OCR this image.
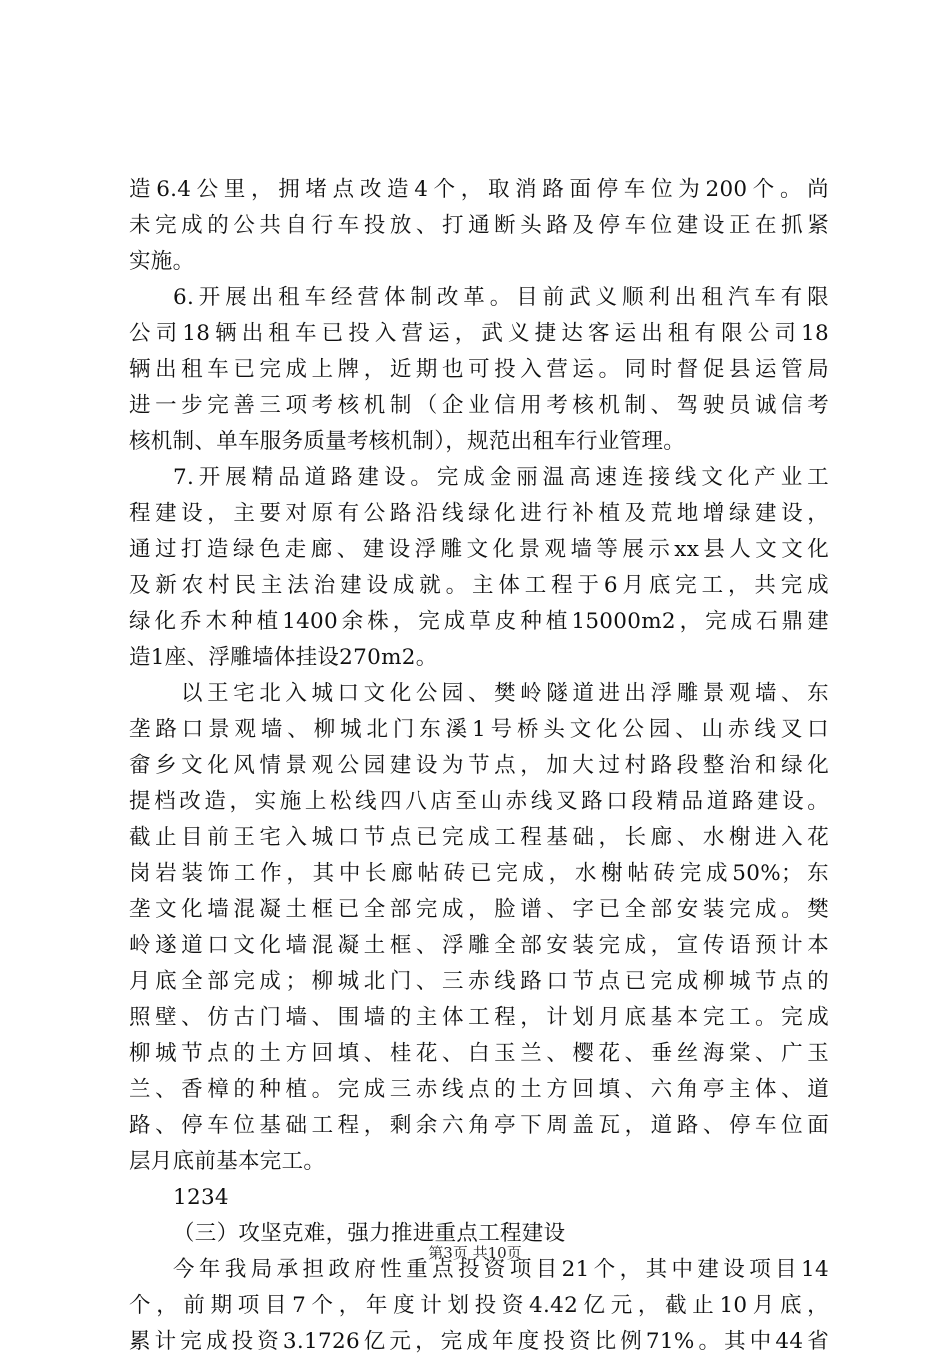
造6.4公里，拥堵点改造4个，取消路面停车位为200个。尚
未完成的公共自行车投放、打通断头路及停车位建设正在抓紧
实施。
6.开展出租车经营体制改革。目前武义顺利出租汽车有限
公司18辆出租车已投入营运，武义捷达客运出租有限公司18
辆出租车已完成上牌，近期也可投入营运。同时督促县运管局
进一步完善三项考核机制（企业信用考核机制、驾驶员诚信考
核机制、单车服务质量考核机制），规范出租车行业管理。
7.开展精品道路建设。完成金丽温高速连接线文化产业工
程建设，主要对原有公路沿线绿化进行补植及荒地增绿建设，
通过打造绿色走廊、建设浮雕文化景观墙等展示xx县人文文化
及新农村民主法治建设成就。主体工程于6月底完工，共完成
绿化乔木种植1400余株，完成草皮种植15000m2，完成石鼎建
造1座、浮雕墙体挂设270m2。
以王宅北入城口文化公园、樊岭隧道进出浮雕景观墙、东
垄路口景观墙、柳城北门东溪1号桥头文化公园、山赤线叉口
畲乡文化风情景观公园建设为节点，加大过村路段整治和绿化
提档改造，实施上松线四八店至山赤线叉路口段精品道路建设。
截止目前王宅入城口节点已完成工程基础，长廊、水榭进入花
岗岩装饰工作，其中长廊帖砖已完成，水榭帖砖完成50%；东
垄文化墙混凝土框已全部完成，脸谱、字已全部安装完成。樊
岭遂道口文化墙混凝土框、浮雕全部安装完成，宣传语预计本
月底全部完成；柳城北门、三赤线路口节点已完成柳城节点的
照壁、仿古门墙、围墙的主体工程，计划月底基本完工。完成
柳城节点的土方回填、桂花、白玉兰、樱花、垂丝海棠、广玉
兰、香樟的种植。完成三赤线点的土方回填、六角亭主体、道
路、停车位基础工程，剩余六角亭下周盖瓦，道路、停车位面
层月底前基本完工。
1234
（三）攻坚克难，强力推进重点工程建设
今年我局承担政府性重点投资项目21个，其中建设项目14
个，前期项目7个，年度计划投资4.42亿元，截止10月底，
累计完成投资3.1726亿元，完成年度投资比例71%。其中44省
第3页 共10页
